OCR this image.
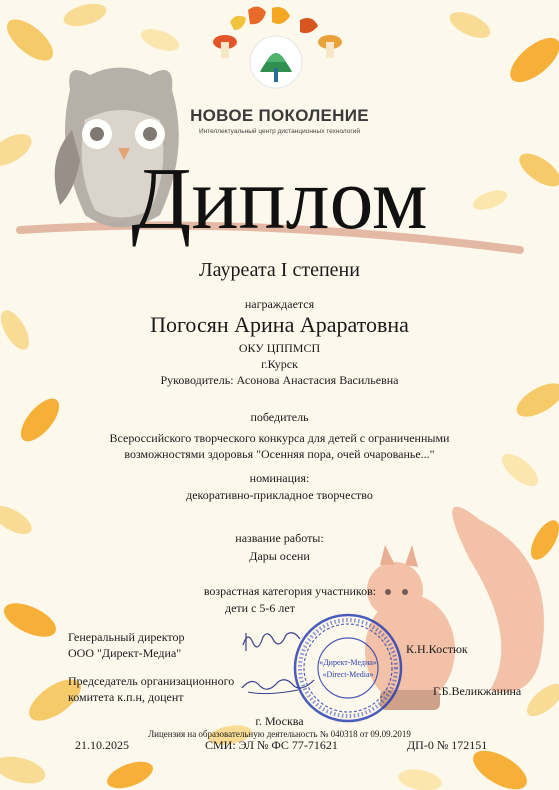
НОВОЕ ПОКОЛЕНИЕ
Интеллектуальный центр дистанционных технологий
Диплом
Лауреата I степени
награждается
Погосян Арина Араратовна
ОКУ ЦППМСП
г.Курск
Руководитель: Асонова Анастасия Васильевна
победитель
Всероссийского творческого конкурса для детей с ограниченными
возможностями здоровья "Осенняя пора, очей очарованье..."
номинация:
декоративно-прикладное творчество
название работы:
Дары осени
возрастная категория участников:
дети с 5-6 лет
Генеральный директор
ООО "Директ-Медиа"
Председатель организационного
комитета к.п.н, доцент
К.Н.Костюк
Г.Б.Великжанина
«Директ-Медиа»
«Direct-Media»
г. Москва
Лицензия на образовательную деятельность № 040318 от 09.09.2019
21.10.2025	СМИ: ЭЛ № ФС 77-71621	ДП-0 № 172151
